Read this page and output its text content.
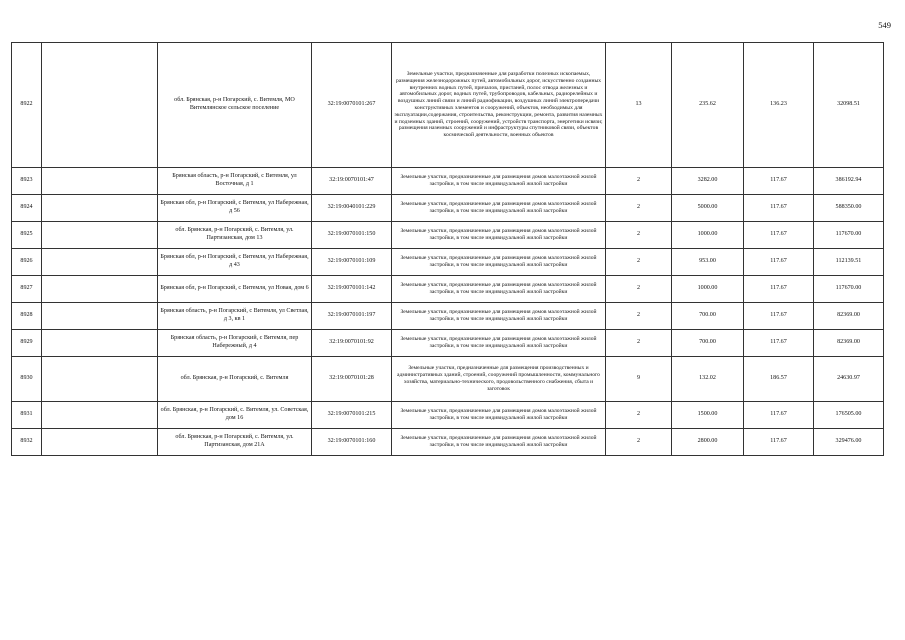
549
8922		обл. Брянская, р-н Погарский, с. Витемля, МО Витемлянское сельское поселение	32:19:0070101:267	Земельные участки, предназначенные для разработки полезных ископаемых, размещения железнодорожных путей, автомобильных дорог, искусственно созданных внутренних водных путей, причалов, пристаней, полос отвода железных и автомобильных дорог, водных путей, трубопроводов, кабельных, радиорелейных и воздушных линий связи и линий радиофикации, воздушных линий электропередачи конструктивных элементов и сооружений, объектов, необходимых для эксплуатации,содержания, строительства, реконструкции, ремонта, развития наземных и подземных зданий, строений, сооружений, устройств транспорта, энергетики исвязи; размещения наземных сооружений и инфраструктуры спутниковой связи, объектов космической деятельности, военных объектов	13	235.62	136.23	32098.51
8923		Брянская область, р-н Погарский, с Витемля, ул Восточная, д 1	32:19:0070101:47	Земельные участки, предназначенные для размещения домов малоэтажной жилой застройки, в том числе индивидуальной жилой застройки	2	3282.00	117.67	386192.94
8924		Брянская обл, р-н Погарский, с Витемля, ул Набережная, д 56	32:19:0040101:229	Земельные участки, предназначенные для размещения домов малоэтажной жилой застройки, в том числе индивидуальной жилой застройки	2	5000.00	117.67	588350.00
8925		обл. Брянская, р-н Погарский, с. Витемля, ул. Партизанская, дом 13	32:19:0070101:150	Земельные участки, предназначенные для размещения домов малоэтажной жилой застройки, в том числе индивидуальной жилой застройки	2	1000.00	117.67	117670.00
8926		Брянская обл, р-н Погарский, с Витемля, ул Набережная, д 43	32:19:0070101:109	Земельные участки, предназначенные для размещения домов малоэтажной жилой застройки, в том числе индивидуальной жилой застройки	2	953.00	117.67	112139.51
8927		Брянская обл, р-н Погарский, с Витемля, ул Новая, дом 6	32:19:0070101:142	Земельные участки, предназначенные для размещения домов малоэтажной жилой застройки, в том числе индивидуальной жилой застройки	2	1000.00	117.67	117670.00
8928		Брянская область, р-н Погарский, с Витемля, ул Светлая, д 3, кв 1	32:19:0070101:197	Земельные участки, предназначенные для размещения домов малоэтажной жилой застройки, в том числе индивидуальной жилой застройки	2	700.00	117.67	82369.00
8929		Брянская область, р-н Погарский, с Витемля, пер Набережный, д 4	32:19:0070101:92	Земельные участки, предназначенные для размещения домов малоэтажной жилой застройки, в том числе индивидуальной жилой застройки	2	700.00	117.67	82369.00
8930		обл. Брянская, р-н Погарский, с. Витемля	32:19:0070101:28	Земельные участки, предназначенные для размещения производственных и административных зданий, строений, сооружений промышленности, коммунального хозяйства, материально-технического, продовольственного снабжения, сбыта и заготовок	9	132.02	186.57	24630.97
8931		обл. Брянская, р-н Погарский, с. Витемля, ул. Советская, дом 16	32:19:0070101:215	Земельные участки, предназначенные для размещения домов малоэтажной жилой застройки, в том числе индивидуальной жилой застройки	2	1500.00	117.67	176505.00
8932		обл. Брянская, р-н Погарский, с. Витемля, ул. Партизанская, дом 21А	32:19:0070101:160	Земельные участки, предназначенные для размещения домов малоэтажной жилой застройки, в том числе индивидуальной жилой застройки	2	2800.00	117.67	329476.00
